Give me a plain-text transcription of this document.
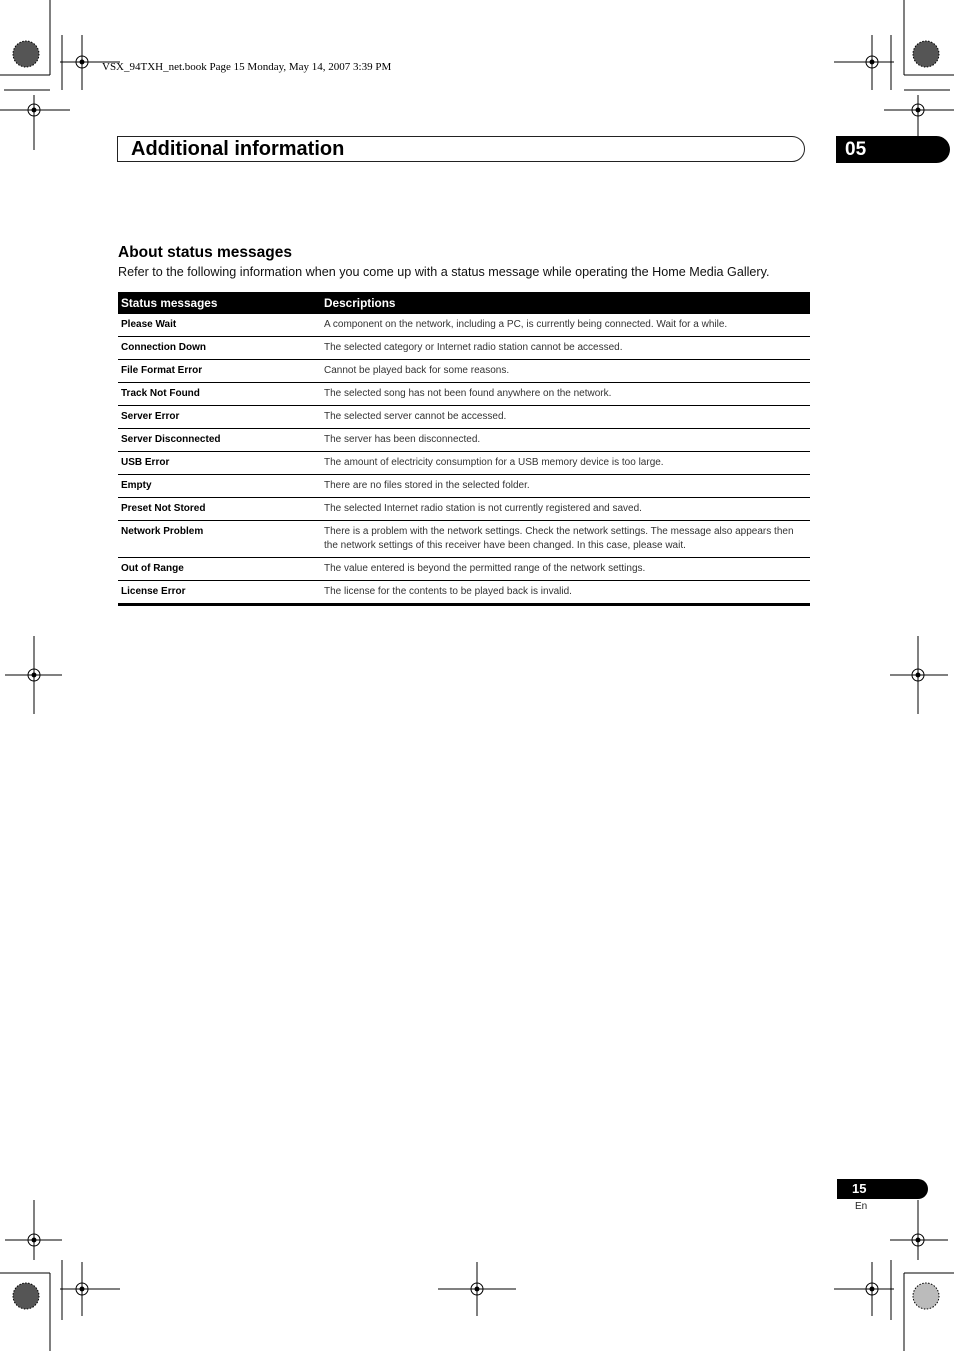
VSX_94TXH_net.book Page 15 Monday, May 14, 2007 3:39 PM
Additional information	05
About status messages
Refer to the following information when you come up with a status message while operating the Home Media Gallery.
Status messages	Descriptions
Please Wait	A component on the network, including a PC, is currently being connected. Wait for a while.
Connection Down	The selected category or Internet radio station cannot be accessed.
File Format Error	Cannot be played back for some reasons.
Track Not Found	The selected song has not been found anywhere on the network.
Server Error	The selected server cannot be accessed.
Server Disconnected	The server has been disconnected.
USB Error	The amount of electricity consumption for a USB memory device is too large.
Empty	There are no files stored in the selected folder.
Preset Not Stored	The selected Internet radio station is not currently registered and saved.
Network Problem	There is a problem with the network settings. Check the network settings. The message also appears then the network settings of this receiver have been changed. In this case, please wait.
Out of Range	The value entered is beyond the permitted range of the network settings.
License Error	The license for the contents to be played back is invalid.
15
En
